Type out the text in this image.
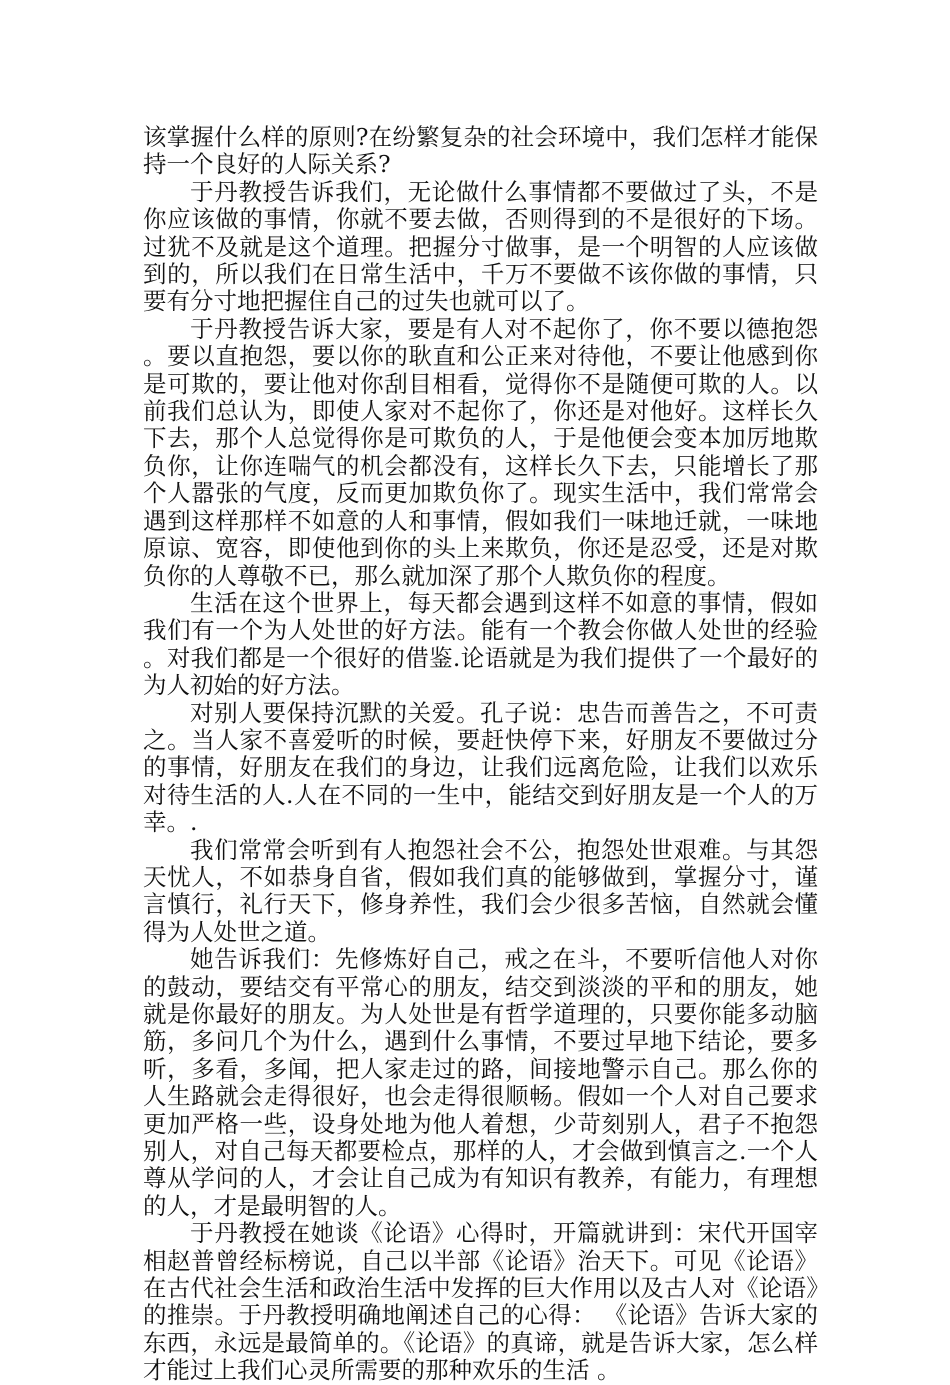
该掌握什么样的原则?在纷繁复杂的社会环境中，我们怎样才能保持一个良好的人际关系?

于丹教授告诉我们，无论做什么事情都不要做过了头，不是你应该做的事情，你就不要去做，否则得到的不是很好的下场。过犹不及就是这个道理。把握分寸做事，是一个明智的人应该做到的，所以我们在日常生活中，千万不要做不该你做的事情，只要有分寸地把握住自己的过失也就可以了。

于丹教授告诉大家，要是有人对不起你了，你不要以德抱怨。要以直抱怨，要以你的耿直和公正来对待他，不要让他感到你是可欺的，要让他对你刮目相看，觉得你不是随便可欺的人。以前我们总认为，即使人家对不起你了，你还是对他好。这样长久下去，那个人总觉得你是可欺负的人，于是他便会变本加厉地欺负你，让你连喘气的机会都没有，这样长久下去，只能增长了那个人嚣张的气度，反而更加欺负你了。现实生活中，我们常常会遇到这样那样不如意的人和事情，假如我们一味地迁就，一味地原谅、宽容，即使他到你的头上来欺负，你还是忍受，还是对欺负你的人尊敬不已，那么就加深了那个人欺负你的程度。

生活在这个世界上，每天都会遇到这样不如意的事情，假如我们有一个为人处世的好方法。能有一个教会你做人处世的经验。对我们都是一个很好的借鉴.论语就是为我们提供了一个最好的为人初始的好方法。

对别人要保持沉默的关爱。孔子说：忠告而善告之，不可责之。当人家不喜爱听的时候，要赶快停下来，好朋友不要做过分的事情，好朋友在我们的身边，让我们远离危险，让我们以欢乐对待生活的人.人在不同的一生中，能结交到好朋友是一个人的万幸。.

我们常常会听到有人抱怨社会不公，抱怨处世艰难。与其怨天忧人，不如恭身自省，假如我们真的能够做到，掌握分寸，谨言慎行，礼行天下，修身养性，我们会少很多苦恼，自然就会懂得为人处世之道。

她告诉我们：先修炼好自己，戒之在斗，不要听信他人对你的鼓动，要结交有平常心的朋友，结交到淡淡的平和的朋友，她就是你最好的朋友。为人处世是有哲学道理的，只要你能多动脑筋，多问几个为什么，遇到什么事情，不要过早地下结论，要多听，多看，多闻，把人家走过的路，间接地警示自己。那么你的人生路就会走得很好，也会走得很顺畅。假如一个人对自己要求更加严格一些，设身处地为他人着想，少苛刻别人，君子不抱怨别人，对自己每天都要检点，那样的人，才会做到慎言之.一个人尊从学问的人，才会让自己成为有知识有教养，有能力，有理想的人，才是最明智的人。

于丹教授在她谈《论语》心得时，开篇就讲到：宋代开国宰相赵普曾经标榜说，自己以半部《论语》治天下。可见《论语》在古代社会生活和政治生活中发挥的巨大作用以及古人对《论语》的推崇。于丹教授明确地阐述自己的心得： 《论语》告诉大家的东西，永远是最简单的。《论语》的真谛，就是告诉大家，怎么样才能过上我们心灵所需要的那种欢乐的生活 。
